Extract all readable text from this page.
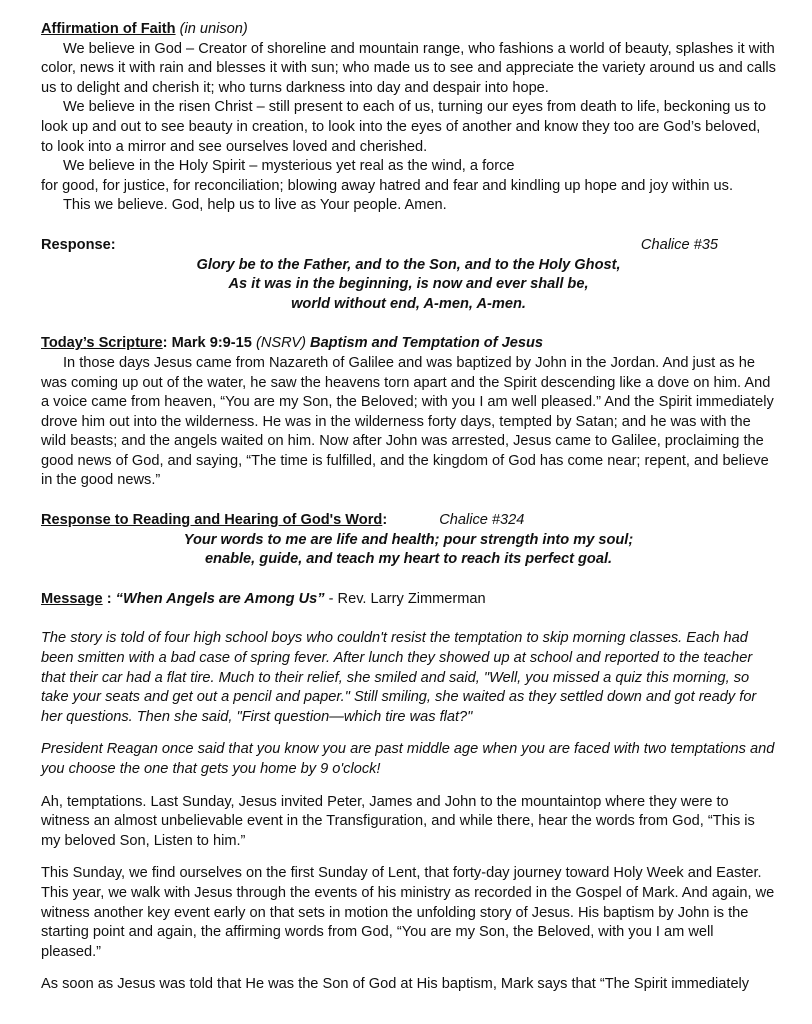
Affirmation of Faith (in unison)

We believe in God – Creator of shoreline and mountain range, who fashions a world of beauty, splashes it with color, news it with rain and blesses it with sun; who made us to see and appreciate the variety around us and calls us to delight and cherish it; who turns darkness into day and despair into hope.

We believe in the risen Christ – still present to each of us, turning our eyes from death to life, beckoning us to look up and out to see beauty in creation, to look into the eyes of another and know they too are God’s beloved, to look into a mirror and see ourselves loved and cherished.

We believe in the Holy Spirit – mysterious yet real as the wind, a force

for good, for justice, for reconciliation; blowing away hatred and fear and kindling up hope and joy within us.

This we believe. God, help us to live as Your people. Amen.

Response:	Chalice #35

Glory be to the Father, and to the Son, and to the Holy Ghost,

As it was in the beginning, is now and ever shall be,

world without end, A-men, A-men.

Today’s Scripture: Mark 9:9-15 (NSRV) Baptism and Temptation of Jesus

In those days Jesus came from Nazareth of Galilee and was baptized by John in the Jordan. And just as he was coming up out of the water, he saw the heavens torn apart and the Spirit descending like a dove on him. And a voice came from heaven, “You are my Son, the Beloved; with you I am well pleased.” And the Spirit immediately drove him out into the wilderness. He was in the wilderness forty days, tempted by Satan; and he was with the wild beasts; and the angels waited on him. Now after John was arrested, Jesus came to Galilee, proclaiming the good news of God, and saying, “The time is fulfilled, and the kingdom of God has come near; repent, and believe in the good news.”

Response to Reading and Hearing of God's Word:	Chalice #324

Your words to me are life and health; pour strength into my soul;

enable, guide, and teach my heart to reach its perfect goal.

Message : “When Angels are Among Us” - Rev. Larry Zimmerman

The story is told of four high school boys who couldn't resist the temptation to skip morning classes. Each had been smitten with a bad case of spring fever. After lunch they showed up at school and reported to the teacher that their car had a flat tire. Much to their relief, she smiled and said, "Well, you missed a quiz this morning, so take your seats and get out a pencil and paper." Still smiling, she waited as they settled down and got ready for her questions. Then she said, "First question—which tire was flat?"

President Reagan once said that you know you are past middle age when you are faced with two temptations and you choose the one that gets you home by 9 o'clock!

Ah, temptations. Last Sunday, Jesus invited Peter, James and John to the mountaintop where they were to witness an almost unbelievable event in the Transfiguration, and while there, hear the words from God, “This is my beloved Son, Listen to him.”

This Sunday, we find ourselves on the first Sunday of Lent, that forty-day journey toward Holy Week and Easter. This year, we walk with Jesus through the events of his ministry as recorded in the Gospel of Mark. And again, we witness another key event early on that sets in motion the unfolding story of Jesus. His baptism by John is the starting point and again, the affirming words from God, “You are my Son, the Beloved, with you I am well pleased.”

As soon as Jesus was told that He was the Son of God at His baptism, Mark says that “The Spirit immediately
